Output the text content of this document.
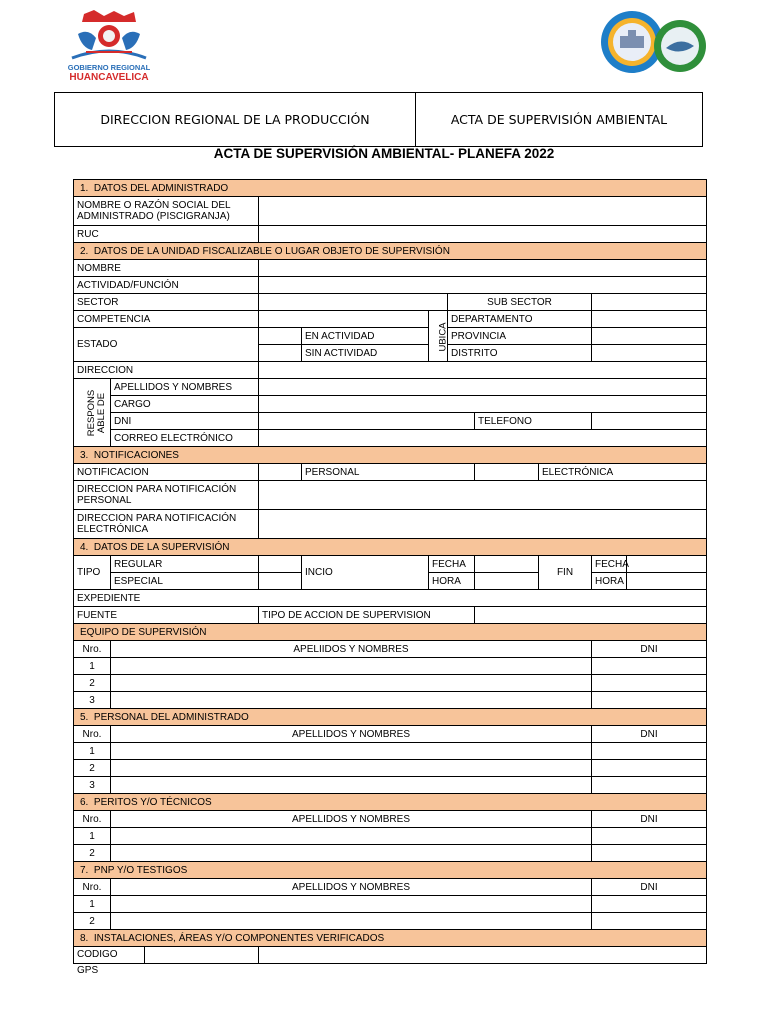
GOBIERNO REGIONAL
HUANCAVELICA
DIRECCION REGIONAL DE LA PRODUCCIÓN	ACTA DE SUPERVISIÓN AMBIENTAL
ACTA DE SUPERVISIÓN AMBIENTAL- PLANEFA 2022
1. DATOS DEL ADMINISTRADO									
NOMBRE O RAZÓN SOCIAL DEL
ADMINISTRADO (PISCIGRANJA)									
RUC									
2. DATOS DE LA UNIDAD FISCALIZABLE O LUGAR OBJETO DE SUPERVISIÓN									
NOMBRE									
ACTIVIDAD/FUNCIÓN									
SECTOR					SUB SECTOR				
COMPETENCIA				UBICA	DEPARTAMENTO				
ESTADO			EN ACTIVIDAD		PROVINCIA				
			SIN ACTIVIDAD		DISTRITO				
DIRECCION									
RESPONS
ABLE DE	APELLIDOS Y NOMBRES								
	CARGO								
	DNI					TELEFONO			
	CORREO ELECTRÓNICO								
3. NOTIFICACIONES									
NOTIFICACION			PERSONAL				ELECTRÓNICA		
DIRECCION PARA NOTIFICACIÓN
PERSONAL									
DIRECCION PARA NOTIFICACIÓN
ELECTRÓNICA									
4. DATOS DE LA SUPERVISIÓN									
TIPO	REGULAR		INCIO	FECHA			FIN	FECHA	
	ESPECIAL			HORA				HORA	
EXPEDIENTE									
FUENTE		TIPO DE ACCION DE SUPERVISION							
EQUIPO DE SUPERVISIÓN									
Nro.	APELIIDOS Y NOMBRES							DNI	
1									
2									
3									
5. PERSONAL DEL ADMINISTRADO									
Nro.	APELLIDOS Y NOMBRES							DNI	
1									
2									
3									
6. PERITOS Y/O TÉCNICOS									
Nro.	APELLIDOS Y NOMBRES							DNI	
1									
2									
7. PNP Y/O TESTIGOS									
Nro.	APELLIDOS Y NOMBRES							DNI	
1									
2									
8. INSTALACIONES, ÁREAS Y/O COMPONENTES VERIFICADOS									

CODIGO GPS									
